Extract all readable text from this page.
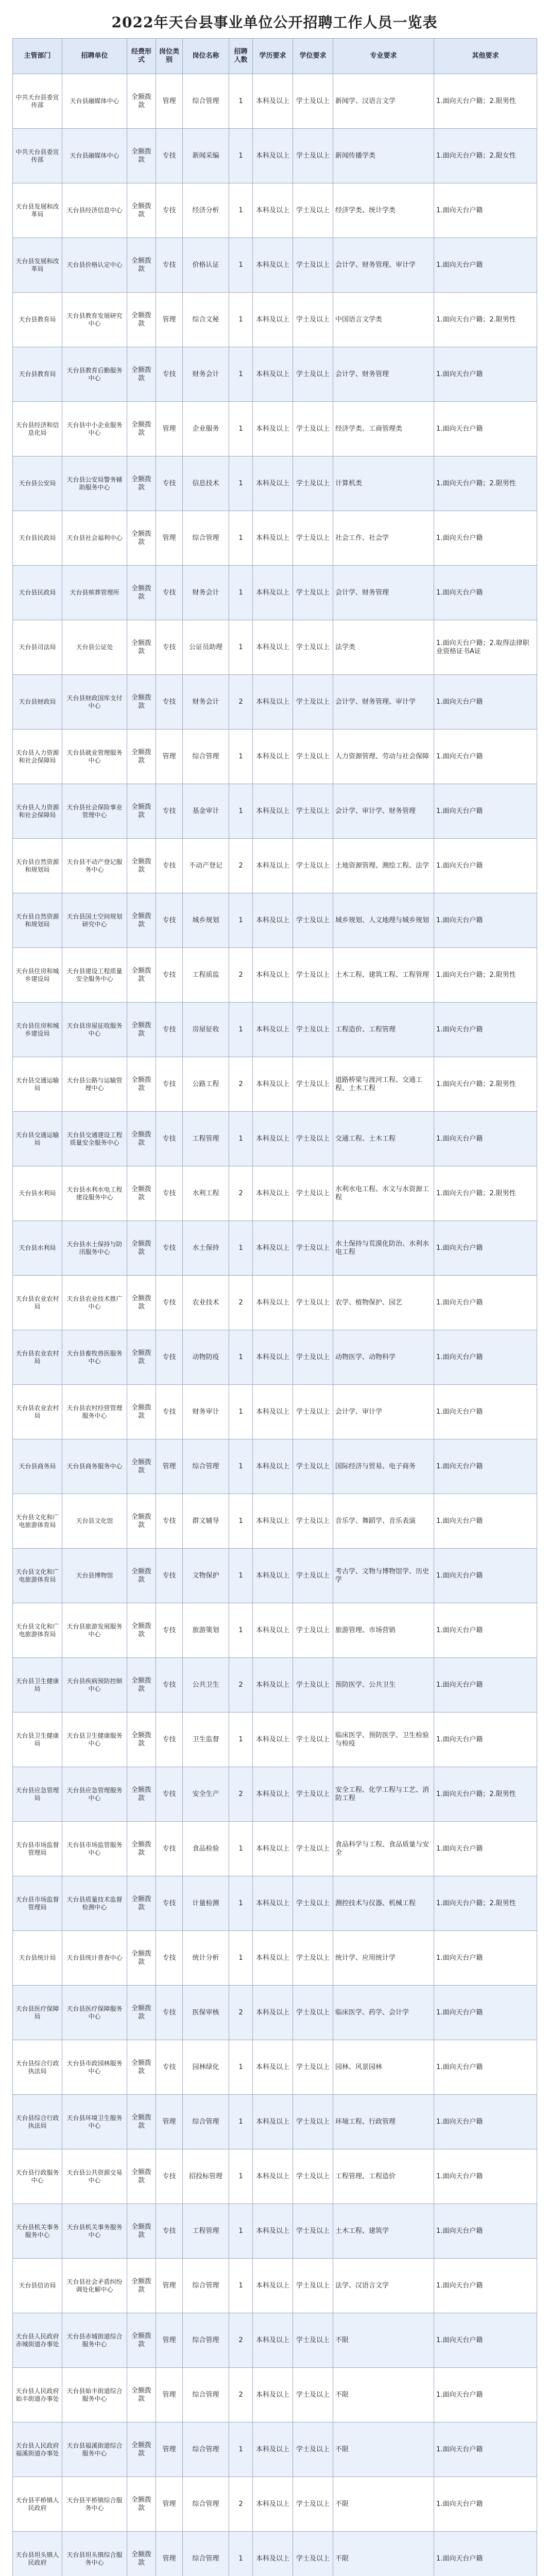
2022年天台县事业单位公开招聘工作人员一览表
主管部门	招聘单位	经费形式	岗位类别	岗位名称	招聘人数	学历要求	学位要求	专业要求	其他要求
中共天台县委宣传部	天台县融媒体中心	全额拨款	管理	综合管理	1	本科及以上	学士及以上	新闻学、汉语言文学	1.面向天台户籍；2.限男性
中共天台县委宣传部	天台县融媒体中心	全额拨款	专技	新闻采编	1	本科及以上	学士及以上	新闻传播学类	1.面向天台户籍；2.限女性
天台县发展和改革局	天台县经济信息中心	全额拨款	专技	经济分析	1	本科及以上	学士及以上	经济学类、统计学类	1.面向天台户籍
天台县发展和改革局	天台县价格认定中心	全额拨款	专技	价格认证	1	本科及以上	学士及以上	会计学、财务管理、审计学	1.面向天台户籍
天台县教育局	天台县教育发展研究中心	全额拨款	管理	综合文秘	1	本科及以上	学士及以上	中国语言文学类	1.面向天台户籍；2.限男性
天台县教育局	天台县教育后勤服务中心	全额拨款	专技	财务会计	1	本科及以上	学士及以上	会计学、财务管理	1.面向天台户籍
天台县经济和信息化局	天台县中小企业服务中心	全额拨款	管理	企业服务	1	本科及以上	学士及以上	经济学类、工商管理类	1.面向天台户籍
天台县公安局	天台县公安局警务辅助服务中心	全额拨款	专技	信息技术	1	本科及以上	学士及以上	计算机类	1.面向天台户籍；2.限男性
天台县民政局	天台县社会福利中心	全额拨款	管理	综合管理	1	本科及以上	学士及以上	社会工作、社会学	1.面向天台户籍
天台县民政局	天台县殡葬管理所	全额拨款	专技	财务会计	1	本科及以上	学士及以上	会计学、财务管理	1.面向天台户籍
天台县司法局	天台县公证处	全额拨款	专技	公证员助理	1	本科及以上	学士及以上	法学类	1.面向天台户籍；2.取得法律职业资格证书A证
天台县财政局	天台县财政国库支付中心	全额拨款	专技	财务会计	2	本科及以上	学士及以上	会计学、财务管理、审计学	1.面向天台户籍
天台县人力资源和社会保障局	天台县就业管理服务中心	全额拨款	管理	综合管理	1	本科及以上	学士及以上	人力资源管理、劳动与社会保障	1.面向天台户籍
天台县人力资源和社会保障局	天台县社会保险事业管理中心	全额拨款	专技	基金审计	1	本科及以上	学士及以上	会计学、审计学、财务管理	1.面向天台户籍
天台县自然资源和规划局	天台县不动产登记服务中心	全额拨款	专技	不动产登记	2	本科及以上	学士及以上	土地资源管理、测绘工程、法学	1.面向天台户籍
天台县自然资源和规划局	天台县国土空间规划研究中心	全额拨款	专技	城乡规划	1	本科及以上	学士及以上	城乡规划、人文地理与城乡规划	1.面向天台户籍
天台县住房和城乡建设局	天台县建设工程质量安全服务中心	全额拨款	专技	工程质监	2	本科及以上	学士及以上	土木工程、建筑工程、工程管理	1.面向天台户籍；2.限男性
天台县住房和城乡建设局	天台县房屋征收服务中心	全额拨款	专技	房屋征收	1	本科及以上	学士及以上	工程造价、工程管理	1.面向天台户籍
天台县交通运输局	天台县公路与运输管理中心	全额拨款	专技	公路工程	2	本科及以上	学士及以上	道路桥梁与渡河工程、交通工程、土木工程	1.面向天台户籍；2.限男性
天台县交通运输局	天台县交通建设工程质量安全服务中心	全额拨款	专技	工程管理	1	本科及以上	学士及以上	交通工程、土木工程	1.面向天台户籍
天台县水利局	天台县水利水电工程建设服务中心	全额拨款	专技	水利工程	2	本科及以上	学士及以上	水利水电工程、水文与水资源工程	1.面向天台户籍；2.限男性
天台县水利局	天台县水土保持与防汛服务中心	全额拨款	专技	水土保持	1	本科及以上	学士及以上	水土保持与荒漠化防治、水利水电工程	1.面向天台户籍
天台县农业农村局	天台县农业技术推广中心	全额拨款	专技	农业技术	2	本科及以上	学士及以上	农学、植物保护、园艺	1.面向天台户籍
天台县农业农村局	天台县畜牧兽医服务中心	全额拨款	专技	动物防疫	1	本科及以上	学士及以上	动物医学、动物科学	1.面向天台户籍
天台县农业农村局	天台县农村经营管理服务中心	全额拨款	专技	财务审计	1	本科及以上	学士及以上	会计学、审计学	1.面向天台户籍
天台县商务局	天台县商务服务中心	全额拨款	管理	综合管理	1	本科及以上	学士及以上	国际经济与贸易、电子商务	1.面向天台户籍
天台县文化和广电旅游体育局	天台县文化馆	全额拨款	专技	群文辅导	1	本科及以上	学士及以上	音乐学、舞蹈学、音乐表演	1.面向天台户籍
天台县文化和广电旅游体育局	天台县博物馆	全额拨款	专技	文物保护	1	本科及以上	学士及以上	考古学、文物与博物馆学、历史学	1.面向天台户籍
天台县文化和广电旅游体育局	天台县旅游发展服务中心	全额拨款	专技	旅游策划	1	本科及以上	学士及以上	旅游管理、市场营销	1.面向天台户籍
天台县卫生健康局	天台县疾病预防控制中心	全额拨款	专技	公共卫生	2	本科及以上	学士及以上	预防医学、公共卫生	1.面向天台户籍
天台县卫生健康局	天台县卫生健康服务中心	全额拨款	专技	卫生监督	1	本科及以上	学士及以上	临床医学、预防医学、卫生检验与检疫	1.面向天台户籍
天台县应急管理局	天台县应急管理服务中心	全额拨款	专技	安全生产	2	本科及以上	学士及以上	安全工程、化学工程与工艺、消防工程	1.面向天台户籍；2.限男性
天台县市场监督管理局	天台县市场监管服务中心	全额拨款	专技	食品检验	1	本科及以上	学士及以上	食品科学与工程、食品质量与安全	1.面向天台户籍
天台县市场监督管理局	天台县质量技术监督检测中心	全额拨款	专技	计量检测	1	本科及以上	学士及以上	测控技术与仪器、机械工程	1.面向天台户籍；2.限男性
天台县统计局	天台县统计普查中心	全额拨款	专技	统计分析	1	本科及以上	学士及以上	统计学、应用统计学	1.面向天台户籍
天台县医疗保障局	天台县医疗保障服务中心	全额拨款	专技	医保审核	2	本科及以上	学士及以上	临床医学、药学、会计学	1.面向天台户籍
天台县综合行政执法局	天台县市政园林服务中心	全额拨款	专技	园林绿化	1	本科及以上	学士及以上	园林、风景园林	1.面向天台户籍
天台县综合行政执法局	天台县环境卫生服务中心	全额拨款	管理	综合管理	1	本科及以上	学士及以上	环境工程、行政管理	1.面向天台户籍
天台县行政服务中心	天台县公共资源交易中心	全额拨款	专技	招投标管理	1	本科及以上	学士及以上	工程管理、工程造价	1.面向天台户籍
天台县机关事务服务中心	天台县机关事务服务中心	全额拨款	专技	工程管理	1	本科及以上	学士及以上	土木工程、建筑学	1.面向天台户籍
天台县信访局	天台县社会矛盾纠纷调处化解中心	全额拨款	管理	综合管理	1	本科及以上	学士及以上	法学、汉语言文学	1.面向天台户籍
天台县人民政府赤城街道办事处	天台县赤城街道综合服务中心	全额拨款	管理	综合管理	2	本科及以上	学士及以上	不限	1.面向天台户籍
天台县人民政府始丰街道办事处	天台县始丰街道综合服务中心	全额拨款	管理	综合管理	2	本科及以上	学士及以上	不限	1.面向天台户籍
天台县人民政府福溪街道办事处	天台县福溪街道综合服务中心	全额拨款	管理	综合管理	1	本科及以上	学士及以上	不限	1.面向天台户籍
天台县平桥镇人民政府	天台县平桥镇综合服务中心	全额拨款	管理	综合管理	2	本科及以上	学士及以上	不限	1.面向天台户籍
天台县坦头镇人民政府	天台县坦头镇综合服务中心	全额拨款	管理	综合管理	1	本科及以上	学士及以上	不限	1.面向天台户籍
